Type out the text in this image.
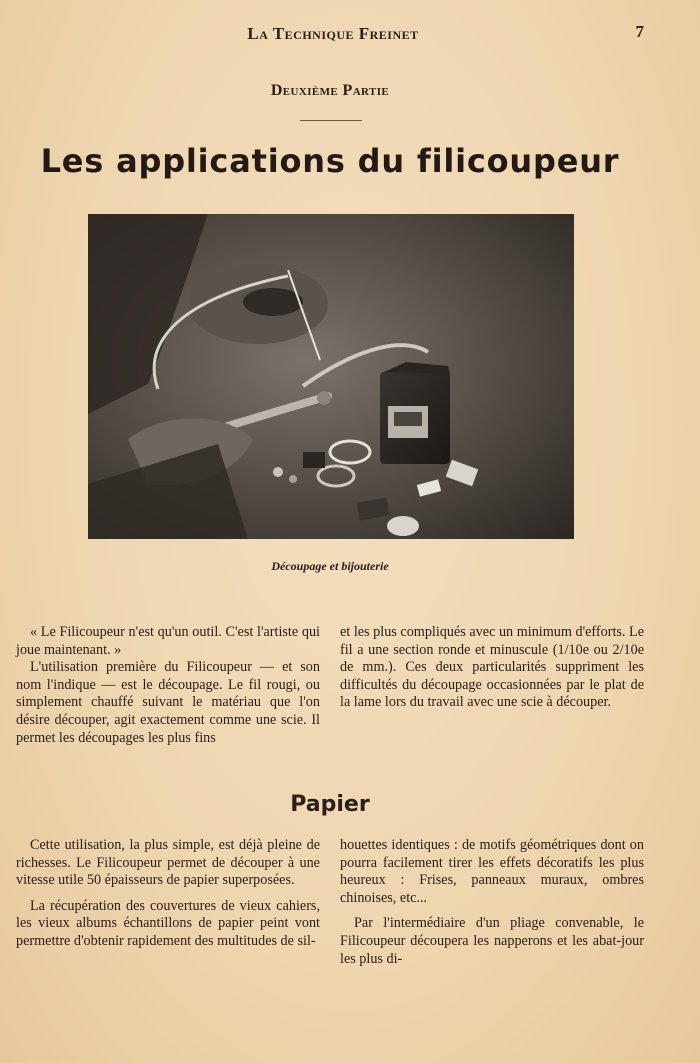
La Technique Freinet	7
Deuxième Partie
Les applications du filicoupeur
Découpage et bijouterie

« Le Filicoupeur n'est qu'un outil. C'est l'artiste qui joue maintenant. »

L'utilisation première du Filicoupeur — et son nom l'indique — est le découpage. Le fil rougi, ou simplement chauffé suivant le matériau que l'on désire découper, agit exactement comme une scie. Il permet les découpages les plus fins

et les plus compliqués avec un minimum d'efforts. Le fil a une section ronde et minuscule (1/10e ou 2/10e de mm.). Ces deux particularités suppriment les difficultés du découpage occasionnées par le plat de la lame lors du travail avec une scie à découper.

Papier

Cette utilisation, la plus simple, est déjà pleine de richesses. Le Filicoupeur permet de découper à une vitesse utile 50 épaisseurs de papier superposées.

La récupération des couvertures de vieux cahiers, les vieux albums échantillons de papier peint vont permettre d'obtenir rapidement des multitudes de sil-

houettes identiques : de motifs géométriques dont on pourra facilement tirer les effets décoratifs les plus heureux : Frises, panneaux muraux, ombres chinoises, etc...

Par l'intermédiaire d'un pliage convenable, le Filicoupeur découpera les napperons et les abat-jour les plus di-
